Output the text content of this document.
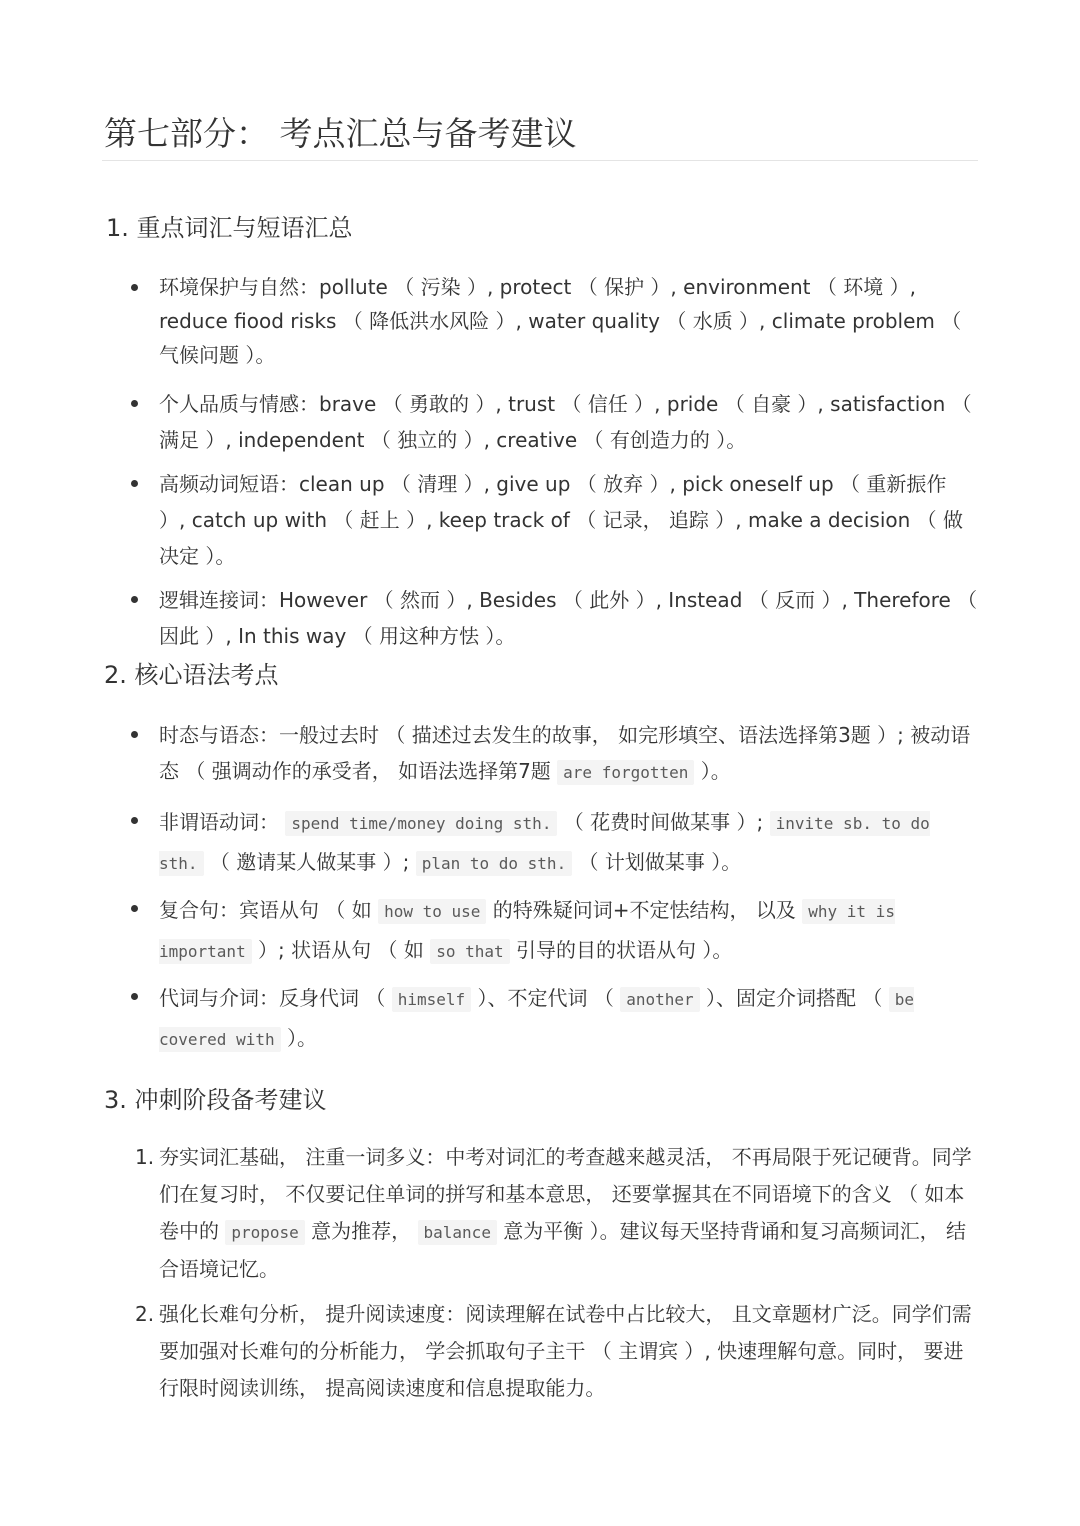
第七部分： 考点汇总与备考建议
1. 重点词汇与短语汇总
环境保护与自然：pollute （ 污染 ）, protect （ 保护 ）, environment （ 环境 ）, reduce fiood risks （ 降低洪水风险 ）, water quality （ 水质 ）, climate problem （ 气候问题 ）。
个人品质与情感：brave （ 勇敢的 ）, trust （ 信任 ）, pride （ 自豪 ）, satisfaction （ 满足 ）, independent （ 独立的 ）, creative （ 有创造力的 ）。
高频动词短语：clean up （ 清理 ）, give up （ 放弃 ）, pick oneself up （ 重新振作 ）, catch up with （ 赶上 ）, keep track of （ 记录， 追踪 ）, make a decision （ 做决定 ）。
逻辑连接词：However （ 然而 ）, Besides （ 此外 ）, Instead （ 反而 ）, Therefore （ 因此 ）, In this way （ 用这种方怯 ）。
2. 核心语法考点
时态与语态：一般过去时 （ 描述过去发生的故事， 如完形填空、语法选择第3题 ）; 被动语态 （ 强调动作的承受者， 如语法选择第7题 are forgotten ）。
非谓语动词： spend time/money doing sth. （ 花费时间做某事 ）; invite sb. to do sth. （ 邀请某人做某事 ）; plan to do sth. （ 计划做某事 ）。
复合句：宾语从句 （ 如 how to use 的特殊疑问词+不定怯结构， 以及 why it is important ）; 状语从句 （ 如 so that 引导的目的状语从句 ）。
代词与介词：反身代词 （ himself ）、不定代词 （ another ）、固定介词搭配 （ be covered with ）。
3. 冲刺阶段备考建议
1. 夯实词汇基础， 注重一词多义：中考对词汇的考查越来越灵活， 不再局限于死记硬背。同学们在复习时， 不仅要记住单词的拼写和基本意思， 还要掌握其在不同语境下的含义 （ 如本卷中的 propose 意为推荐， balance 意为平衡 ）。建议每天坚持背诵和复习高频词汇， 结合语境记忆。
2. 强化长难句分析， 提升阅读速度：阅读理解在试卷中占比较大， 且文章题材广泛。同学们需要加强对长难句的分析能力， 学会抓取句子主干 （ 主谓宾 ）, 快速理解句意。同时， 要进行限时阅读训练， 提高阅读速度和信息提取能力。
